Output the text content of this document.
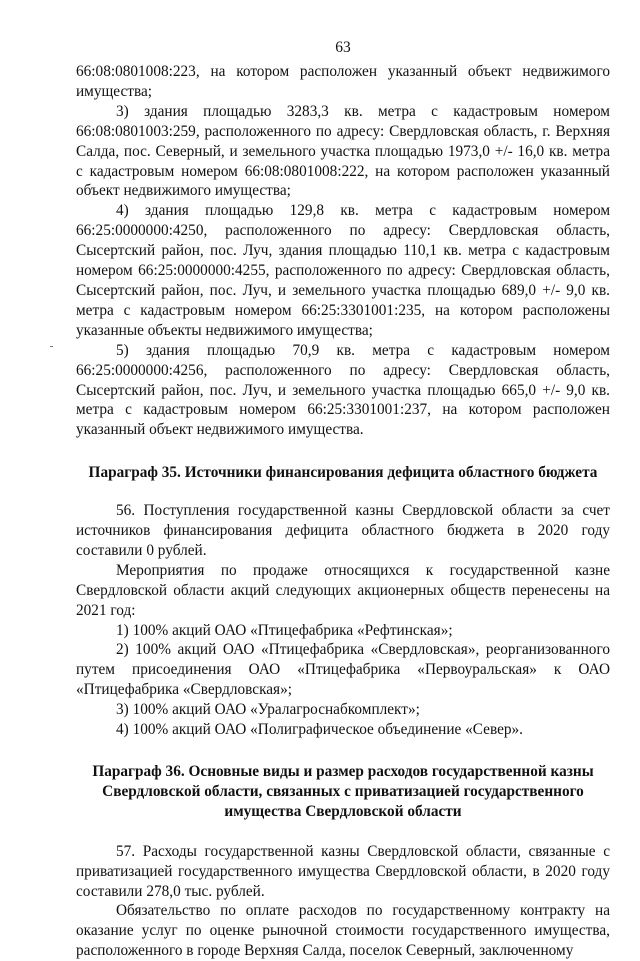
63

66:08:0801008:223, на котором расположен указанный объект недвижимого имущества;

3) здания площадью 3283,3 кв. метра с кадастровым номером 66:08:0801003:259, расположенного по адресу: Свердловская область, г. Верхняя Салда, пос. Северный, и земельного участка площадью 1973,0 +/- 16,0 кв. метра с кадастровым номером 66:08:0801008:222, на котором расположен указанный объект недвижимого имущества;

4) здания площадью 129,8 кв. метра с кадастровым номером 66:25:0000000:4250, расположенного по адресу: Свердловская область, Сысертский район, пос. Луч, здания площадью 110,1 кв. метра с кадастровым номером 66:25:0000000:4255, расположенного по адресу: Свердловская область, Сысертский район, пос. Луч, и земельного участка площадью 689,0 +/- 9,0 кв. метра с кадастровым номером 66:25:3301001:235, на котором расположены указанные объекты недвижимого имущества;

5) здания площадью 70,9 кв. метра с кадастровым номером 66:25:0000000:4256, расположенного по адресу: Свердловская область, Сысертский район, пос. Луч, и земельного участка площадью 665,0 +/- 9,0 кв. метра с кадастровым номером 66:25:3301001:237, на котором расположен указанный объект недвижимого имущества.

Параграф 35. Источники финансирования дефицита областного бюджета

56. Поступления государственной казны Свердловской области за счет источников финансирования дефицита областного бюджета в 2020 году составили 0 рублей.

Мероприятия по продаже относящихся к государственной казне Свердловской области акций следующих акционерных обществ перенесены на 2021 год:

1) 100% акций ОАО «Птицефабрика «Рефтинская»;

2) 100% акций ОАО «Птицефабрика «Свердловская», реорганизованного путем присоединения ОАО «Птицефабрика «Первоуральская» к ОАО «Птицефабрика «Свердловская»;

3) 100% акций ОАО «Уралагроснабкомплект»;

4) 100% акций ОАО «Полиграфическое объединение «Север».

Параграф 36. Основные виды и размер расходов государственной казны Свердловской области, связанных с приватизацией государственного имущества Свердловской области

57. Расходы государственной казны Свердловской области, связанные с приватизацией государственного имущества Свердловской области, в 2020 году составили 278,0 тыс. рублей.

Обязательство по оплате расходов по государственному контракту на оказание услуг по оценке рыночной стоимости государственного имущества, расположенного в городе Верхняя Салда, поселок Северный, заключенному
